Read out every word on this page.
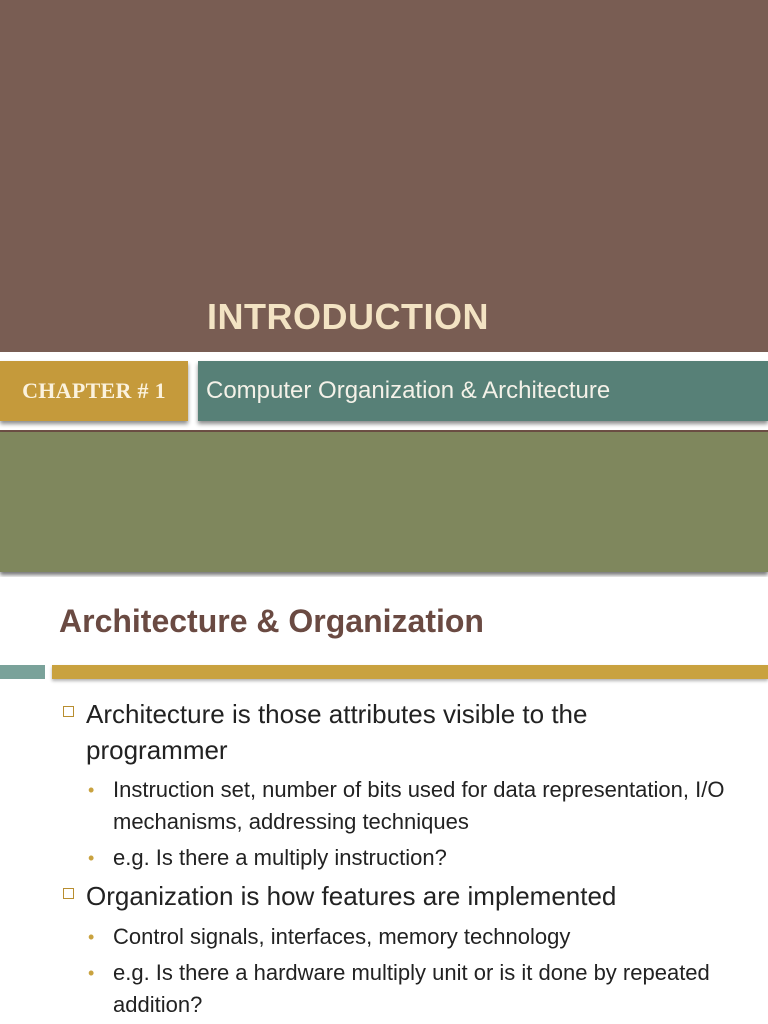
INTRODUCTION
CHAPTER # 1 Computer Organization & Architecture
Architecture & Organization
Architecture is those attributes visible to the programmer
• Instruction set, number of bits used for data representation, I/O mechanisms, addressing techniques
• e.g. Is there a multiply instruction?
Organization is how features are implemented
• Control signals, interfaces, memory technology
• e.g. Is there a hardware multiply unit or is it done by repeated addition?
